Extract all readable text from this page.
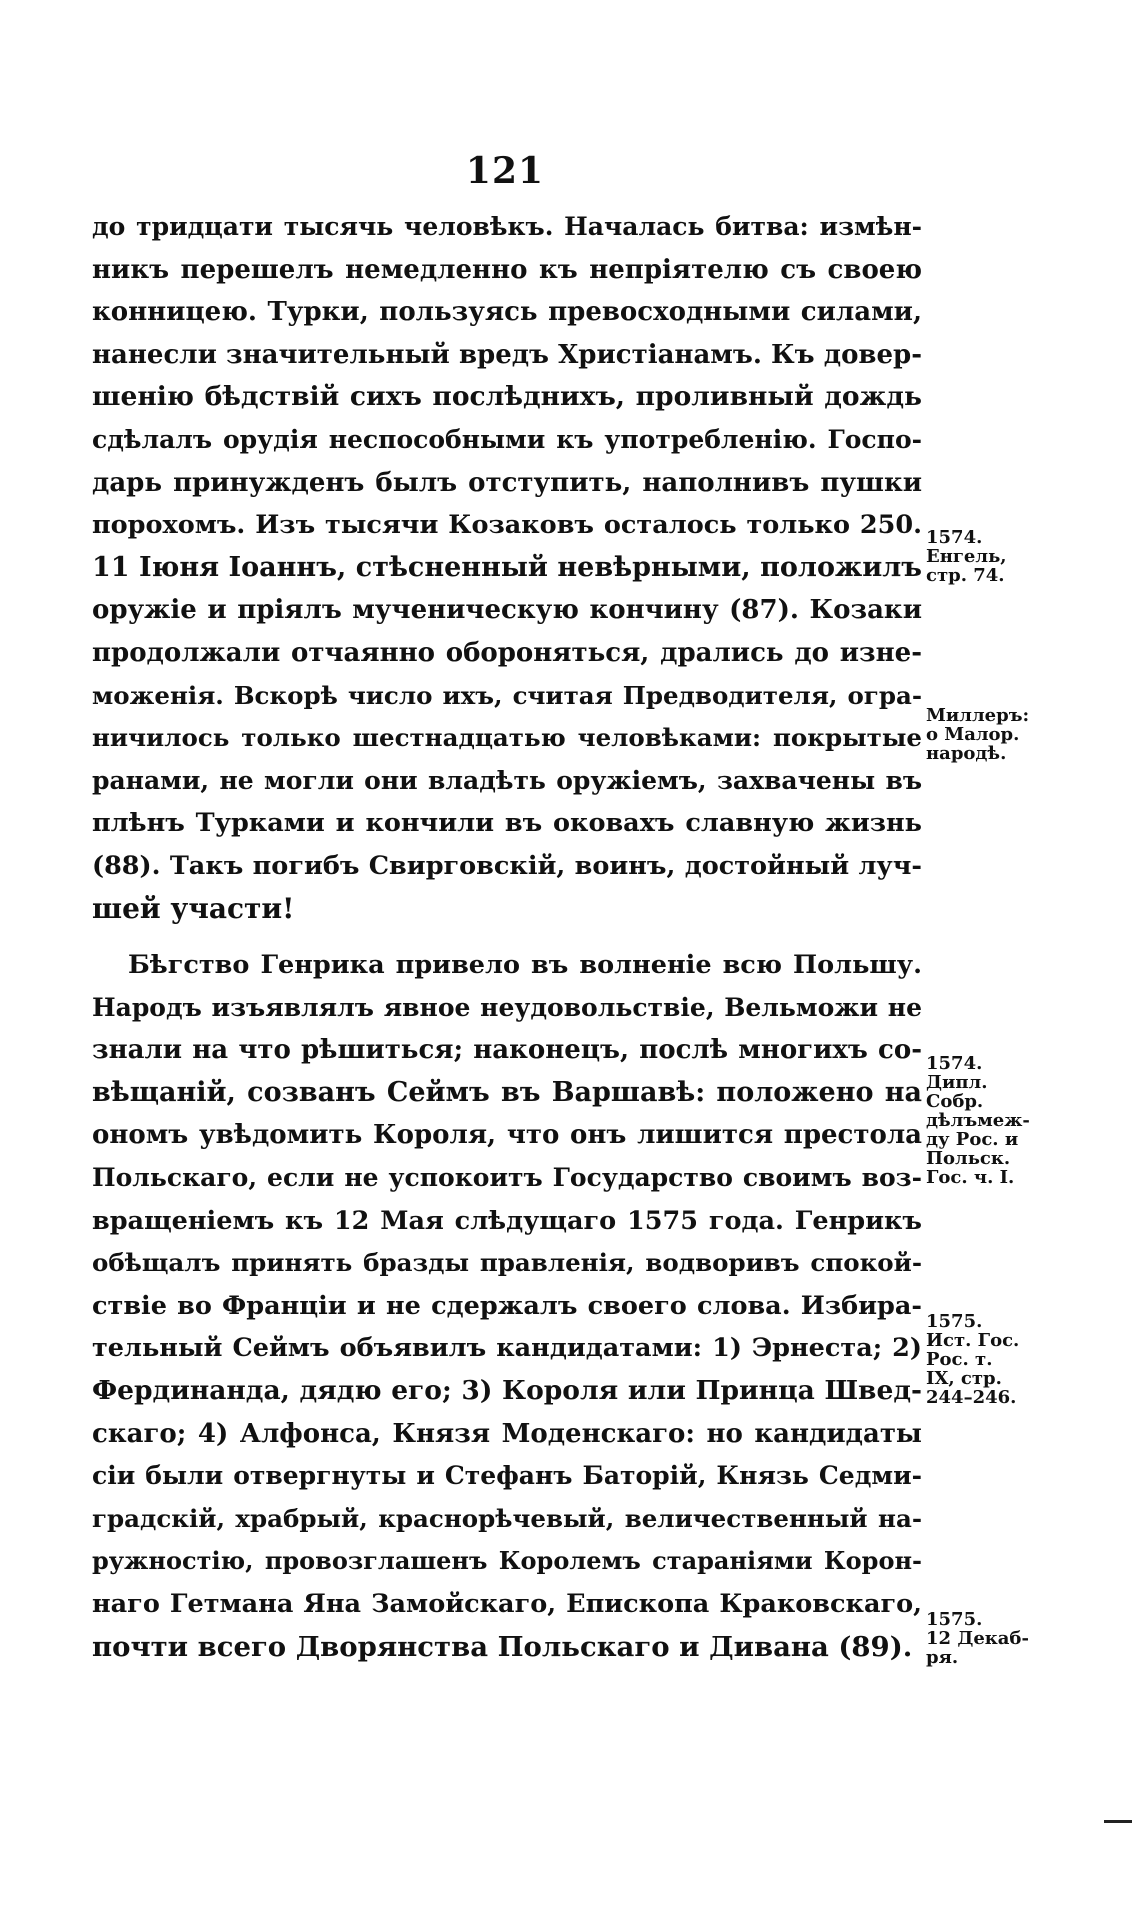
121
до тридцати тысячь человѣкъ. Началась битва: измѣн-
никъ перешелъ немедленно къ непріятелю съ своею
конницею. Турки, пользуясь превосходными силами,
нанесли значительный вредъ Христіанамъ. Къ довер-
шенію бѣдствій сихъ послѣднихъ, проливный дождь
сдѣлалъ орудія неспособными къ употребленію. Госпо-
дарь принужденъ былъ отступить, наполнивъ пушки
порохомъ. Изъ тысячи Козаковъ осталось только 250.
11 Іюня Іоаннъ, стѣсненный невѣрными, положилъ
оружіе и пріялъ мученическую кончину (87). Козаки
продолжали отчаянно обороняться, дрались до изне-
моженія. Вскорѣ число ихъ, считая Предводителя, огра-
ничилось только шестнадцатью человѣками: покрытые
ранами, не могли они владѣть оружіемъ, захвачены въ
плѣнъ Турками и кончили въ оковахъ славную жизнь
(88). Такъ погибъ Свирговскій, воинъ, достойный луч-
шей участи!
Бѣгство Генрика привело въ волненіе всю Польшу.
Народъ изъявлялъ явное неудовольствіе, Вельможи не
знали на что рѣшиться; наконецъ, послѣ многихъ со-
вѣщаній, созванъ Сеймъ въ Варшавѣ: положено на
ономъ увѣдомить Короля, что онъ лишится престола
Польскаго, если не успокоитъ Государство своимъ воз-
вращеніемъ къ 12 Мая слѣдущаго 1575 года. Генрикъ
обѣщалъ принять бразды правленія, водворивъ спокой-
ствіе во Франціи и не сдержалъ своего слова. Избира-
тельный Сеймъ объявилъ кандидатами: 1) Эрнеста; 2)
Фердинанда, дядю его; 3) Короля или Принца Швед-
скаго; 4) Алфонса, Князя Моденскаго: но кандидаты
сіи были отвергнуты и Стефанъ Баторій, Князь Седми-
градскій, храбрый, краснорѣчевый, величественный на-
ружностію, провозглашенъ Королемъ стараніями Корон-
наго Гетмана Яна Замойскаго, Епископа Краковскаго,
почти всего Дворянства Польскаго и Дивана (89).
1574.
Енгель,
стр. 74.
Миллеръ:
о Малор.
народѣ.
1574.
Дипл.
Собр.
дѣлъмеж-
ду Рос. и
Польск.
Гос. ч. I.
1575.
Ист. Гос.
Рос. т.
IX, стр.
244–246.
1575.
12 Декаб-
ря.
